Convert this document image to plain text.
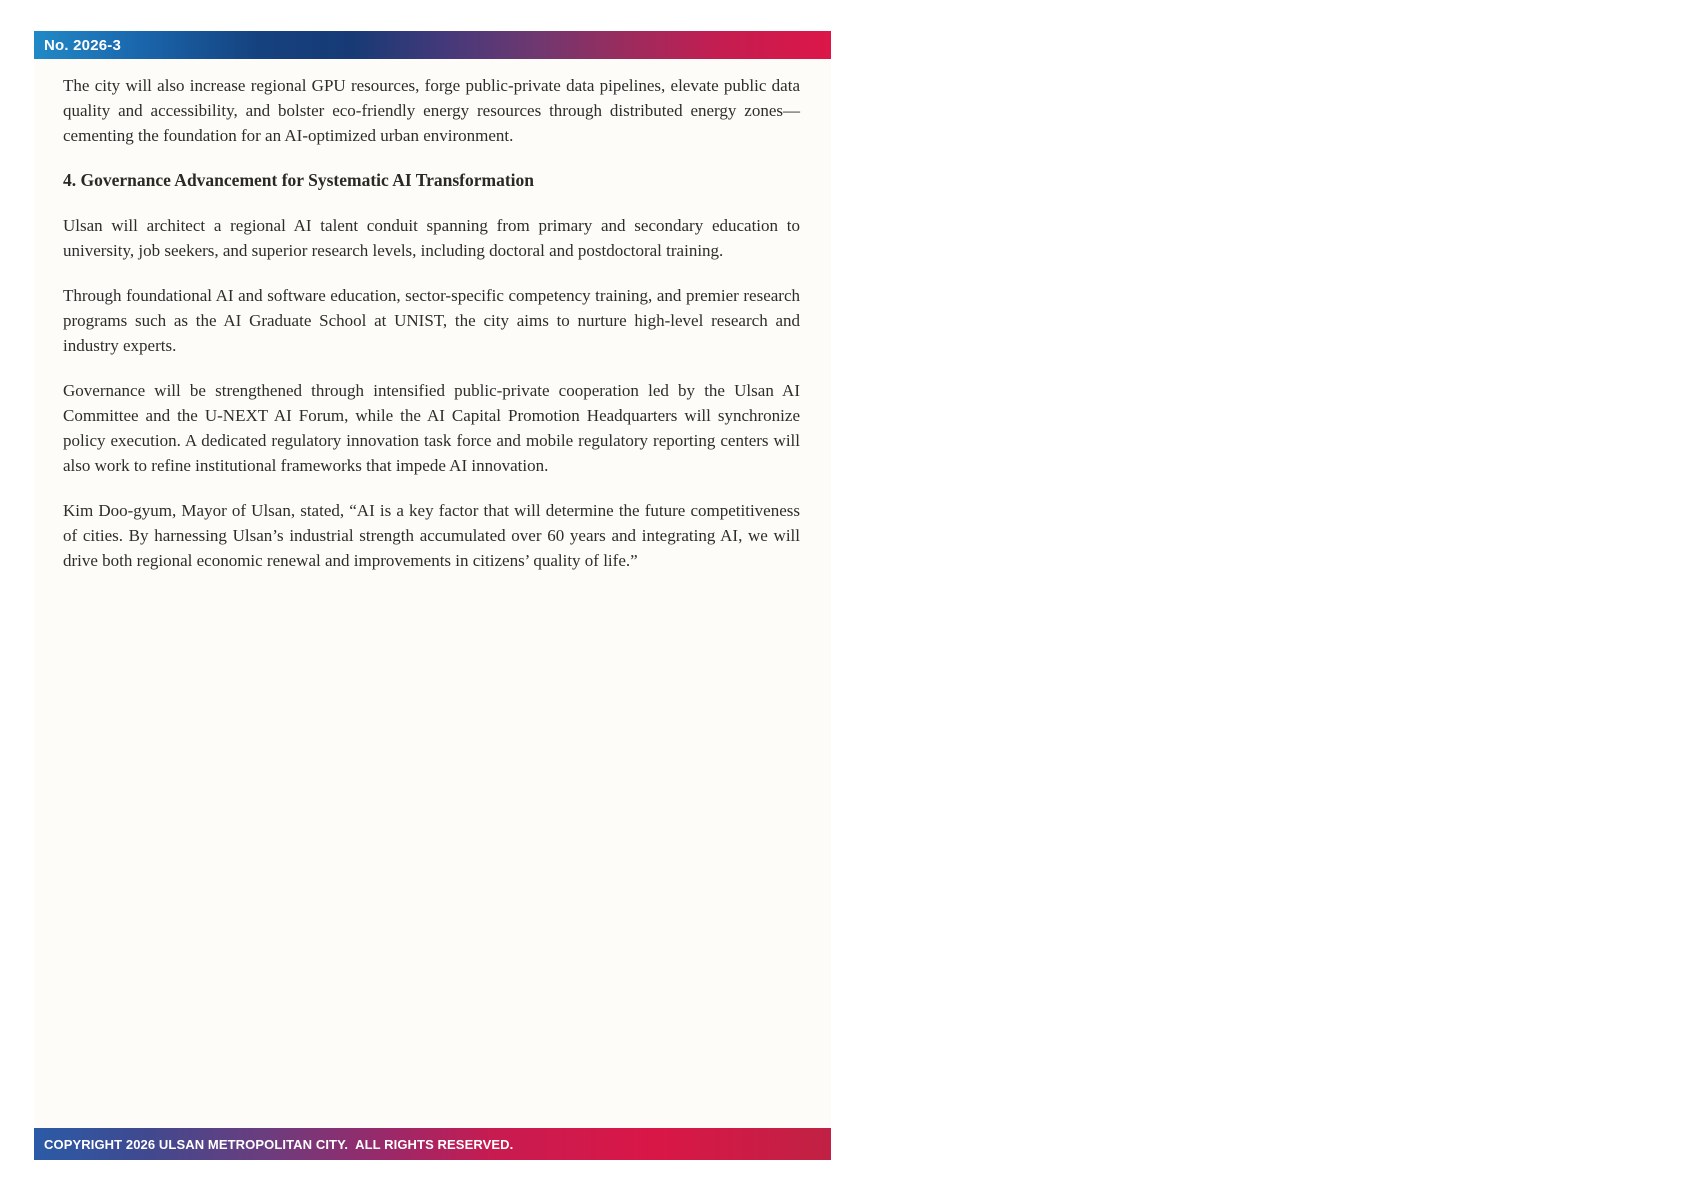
No. 2026-3

The city will also increase regional GPU resources, forge public-private data pipelines, elevate public data quality and accessibility, and bolster eco-friendly energy resources through distributed energy zones—cementing the foundation for an AI-optimized urban environment.

4. Governance Advancement for Systematic AI Transformation

Ulsan will architect a regional AI talent conduit spanning from primary and secondary education to university, job seekers, and superior research levels, including doctoral and postdoctoral training.

Through foundational AI and software education, sector-specific competency training, and premier research programs such as the AI Graduate School at UNIST, the city aims to nurture high-level research and industry experts.

Governance will be strengthened through intensified public-private cooperation led by the Ulsan AI Committee and the U-NEXT AI Forum, while the AI Capital Promotion Headquarters will synchronize policy execution. A dedicated regulatory innovation task force and mobile regulatory reporting centers will also work to refine institutional frameworks that impede AI innovation.

Kim Doo-gyum, Mayor of Ulsan, stated, “AI is a key factor that will determine the future competitiveness of cities. By harnessing Ulsan’s industrial strength accumulated over 60 years and integrating AI, we will drive both regional economic renewal and improvements in citizens’ quality of life.”

COPYRIGHT 2026 ULSAN METROPOLITAN CITY.  ALL RIGHTS RESERVED.
